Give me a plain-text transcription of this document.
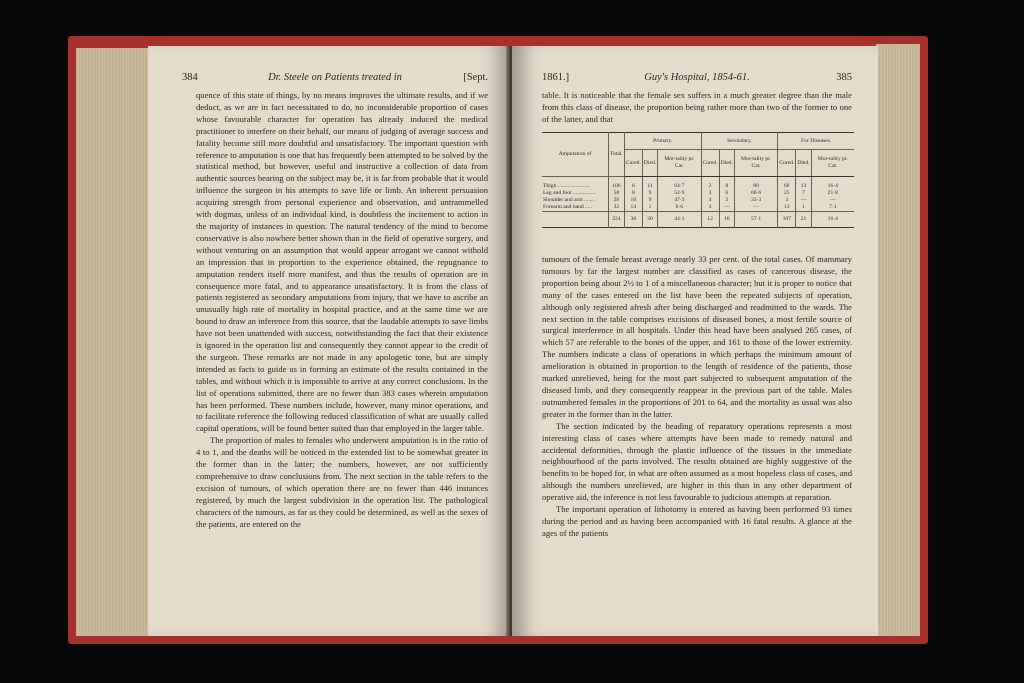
384	Dr. Steele on Patients treated in	[Sept.

quence of this state of things, by no means improves the ultimate results, and if we deduct, as we are in fact necessitated to do, no inconsiderable proportion of cases whose favourable character for operation has already induced the medical practitioner to interfere on their behalf, our means of judging of average success and fatality become still more doubtful and unsatisfactory. The important question with reference to amputation is one that has frequently been attempted to be solved by the statistical method, but however, useful and instructive a collection of data from authentic sources bearing on the subject may be, it is far from probable that it would influence the surgeon in his attempts to save life or limb. An inherent persuasion acquiring strength from personal experience and observation, and untrammelled with dogmas, unless of an individual kind, is doubtless the incitement to action in the majority of instances in question. The natural tendency of the mind to become conservative is also nowhere better shown than in the field of operative surgery, and without venturing on an assumption that would appear arrogant we cannot withold an impression that in proportion to the experience obtained, the repugnance to amputation renders itself more manifest, and thus the results of operation are in consequence more fatal, and to appearance unsatisfactory. It is from the class of patients registered as secondary amputations from injury, that we have to ascribe an unusually high rate of mortality in hospital practice, and at the same time we are bound to draw an inference from this source, that the laudable attempts to save limbs have not been unattended with success, notwithstanding the fact that their existence is ignored in the operation list and consequently they cannot appear to the credit of the surgeon. These remarks are not made in any apologetic tone, but are simply intended as facts to guide us in forming an estimate of the results contained in the tables, and without which it is impossible to arrive at any correct conclusions. In the list of operations submitted, there are no fewer than 383 cases wherein amputation has been performed. These numbers include, however, many minor operations, and to facilitate reference the following reduced classification of what are usually called capital operations, will be found better suited than that employed in the larger table.

The proportion of males to females who underwent amputation is in the ratio of 4 to 1, and the deaths will be noticed in the extended list to be somewhat greater in the former than in the latter; the numbers, however, are not sufficiently comprehensive to draw conclusions from. The next section in the table refers to the excision of tumours, of which operation there are no fewer than 446 instances registered, by much the largest subdivision in the operation list. The pathological characters of the tumours, as far as they could be determined, as well as the sexes of the patients, are entered on the

1861.]	Guy's Hospital, 1854-61.	385

table. It is noticeable that the female sex suffers in a much greater degree than the male from this class of disease, the proportion being rather more than two of the former to one of the latter, and that

Amputation of	Total.	Primary.			Secondary.			For Diseases.		
		Cured.	Died.	Mor-tality pr. Cat.	Cured.	Died.	Mor-tality pr. Cat.	Cured.	Died.	Mor-tality pr. Cat.
Thigh .......................	106	6	11	64·7	2	8	80	66	13	16·4
Leg and foot ................	58	8	9	52·9	3	6	66·6	25	7	21·8
Shoulder and arm .......	28	10	9	47·3	4	2	33·3	3	—	—
Forearm and hand .....	32	14	1	6·6	3	—	—	13	1	7·1
	224	38	30	44·1	12	16	57·1	107	21	16·4

tumours of the female breast average nearly 33 per cent. of the total cases. Of mammary tumours by far the largest number are classified as cases of cancerous disease, the proportion being about 2½ to 1 of a miscellaneous character; but it is proper to notice that many of the cases entered on the list have been the repeated subjects of operation, although only registered afresh after being discharged and readmitted to the wards. The next section in the table comprises excisions of diseased bones, a most fertile source of surgical interference in all hospitals. Under this head have been analysed 265 cases, of which 57 are referable to the bones of the upper, and 161 to those of the lower extremity. The numbers indicate a class of operations in which perhaps the minimum amount of amelioration is obtained in proportion to the length of residence of the patients, those marked unrelieved, being for the most part subjected to subsequent amputation of the diseased limb, and they consequently reappear in the previous part of the table. Males outnumbered females in the proportions of 201 to 64, and the mortality as usual was also greater in the former than in the latter.

The section indicated by the heading of reparatory operations represents a most interesting class of cases where attempts have been made to remedy natural and accidental deformities, through the plastic influence of the tissues in the immediate neighbourhood of the parts involved. The results obtained are highly suggestive of the benefits to be hoped for, in what are often assumed as a most hopeless class of cases, and although the numbers unrelieved, are higher in this than in any other department of operative aid, the inference is not less favourable to judicious attempts at reparation.

The important operation of lithotomy is entered as having been performed 93 times during the period and as having been accompanied with 16 fatal results. A glance at the ages of the patients
